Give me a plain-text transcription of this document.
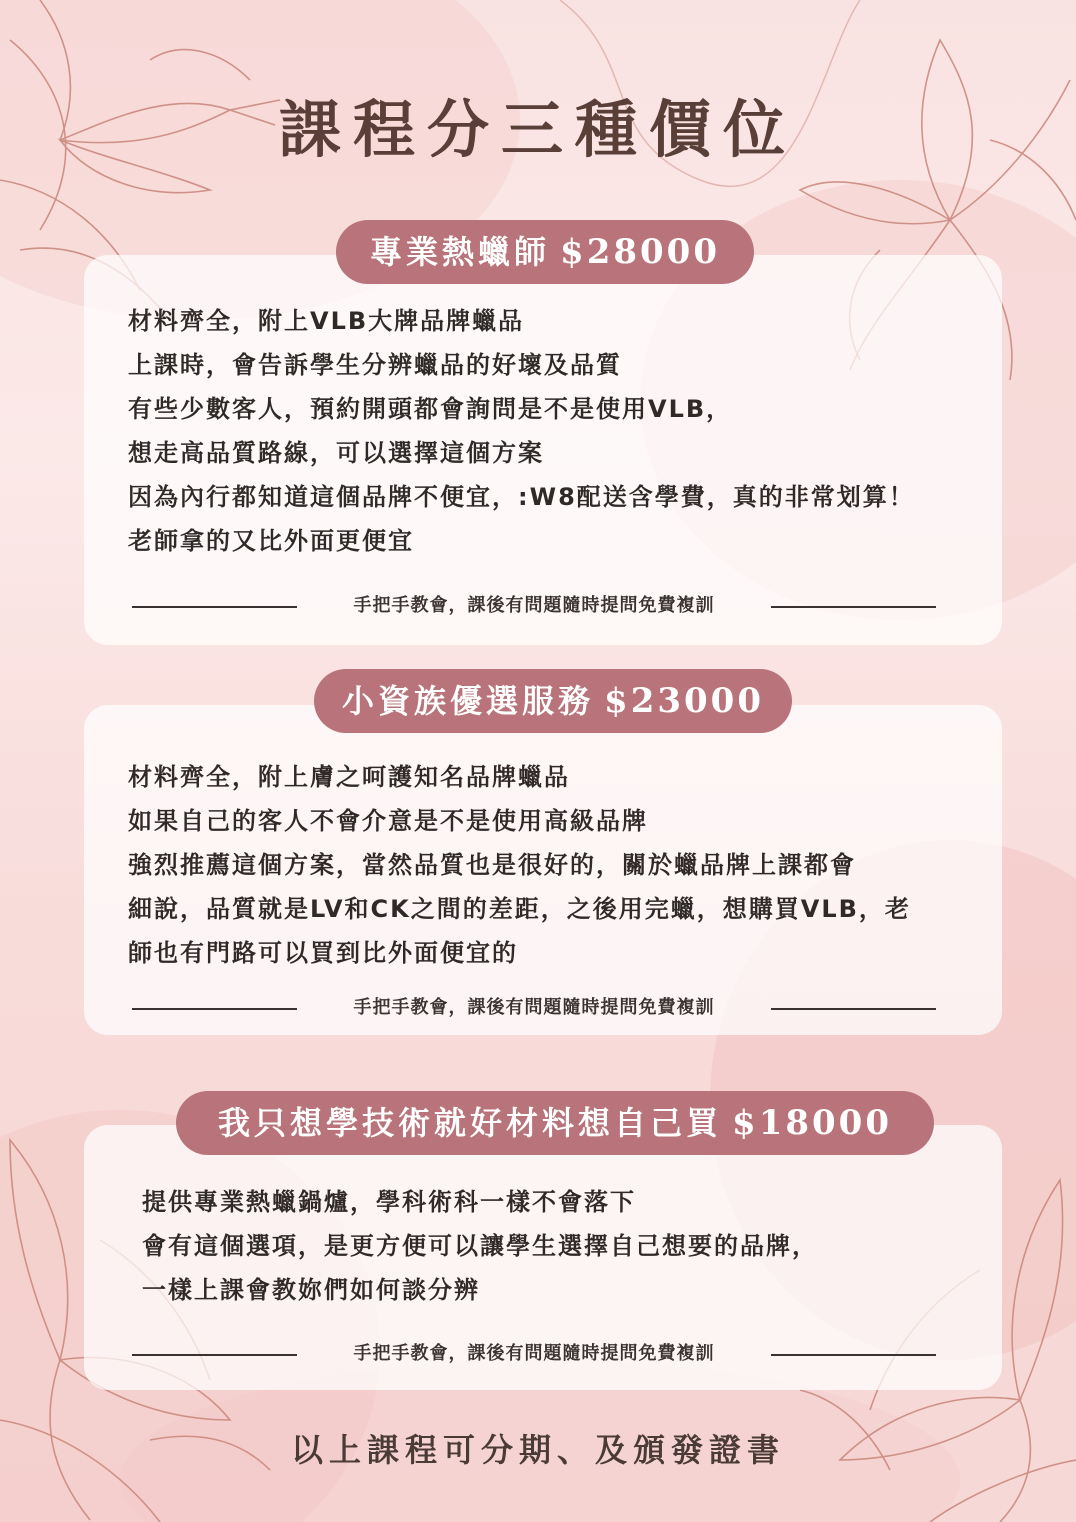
課程分三種價位
專業熱蠟師 $28000
材料齊全，附上VLB大牌品牌蠟品
上課時，會告訴學生分辨蠟品的好壞及品質
有些少數客人，預約開頭都會詢問是不是使用VLB，
想走高品質路線，可以選擇這個方案
因為內行都知道這個品牌不便宜，:W8配送含學費，真的非常划算！
老師拿的又比外面更便宜
手把手教會，課後有問題隨時提問免費複訓
小資族優選服務 $23000
材料齊全，附上膚之呵護知名品牌蠟品
如果自己的客人不會介意是不是使用高級品牌
強烈推薦這個方案，當然品質也是很好的，關於蠟品牌上課都會
細說，品質就是LV和CK之間的差距，之後用完蠟，想購買VLB，老
師也有門路可以買到比外面便宜的
手把手教會，課後有問題隨時提問免費複訓
我只想學技術就好材料想自己買 $18000
提供專業熱蠟鍋爐，學科術科一樣不會落下
會有這個選項，是更方便可以讓學生選擇自己想要的品牌，
一樣上課會教妳們如何談分辨
手把手教會，課後有問題隨時提問免費複訓
以上課程可分期、及頒發證書
